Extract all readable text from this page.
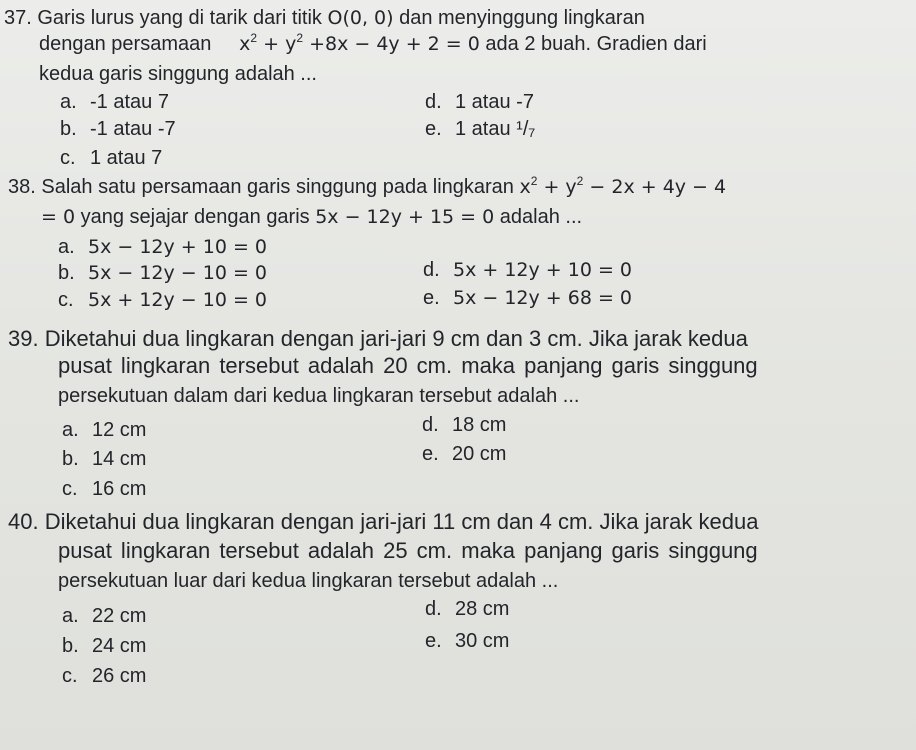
37. Garis lurus yang di tarik dari titik O(0, 0) dan menyinggung lingkaran
dengan persamaan     $x^2 + y^2 +8x - 4y + 2 = 0$ ada 2 buah. Gradien dari
kedua garis singgung adalah ...
a. -1 atau 7
b. -1 atau -7
c. 1 atau 7
d. 1 atau -7
e. 1 atau ¹/₇
38. Salah satu persamaan garis singgung pada lingkaran $x^2 + y^2 - 2x + 4y - 4$
= 0 yang sejajar dengan garis 5x − 12y + 15 = 0 adalah ...
a. 5x − 12y + 10 = 0
b. 5x − 12y − 10 = 0
c. 5x + 12y − 10 = 0
d. 5x + 12y + 10 = 0
e. 5x − 12y + 68 = 0
39. Diketahui dua lingkaran dengan jari-jari 9 cm dan 3 cm. Jika jarak kedua
pusat lingkaran tersebut adalah 20 cm. maka panjang garis singgung
persekutuan dalam dari kedua lingkaran tersebut adalah ...
a. 12 cm
b. 14 cm
c. 16 cm
d. 18 cm
e. 20 cm
40. Diketahui dua lingkaran dengan jari-jari 11 cm dan 4 cm. Jika jarak kedua
pusat lingkaran tersebut adalah 25 cm. maka panjang garis singgung
persekutuan luar dari kedua lingkaran tersebut adalah ...
a. 22 cm
b. 24 cm
c. 26 cm
d. 28 cm
e. 30 cm
